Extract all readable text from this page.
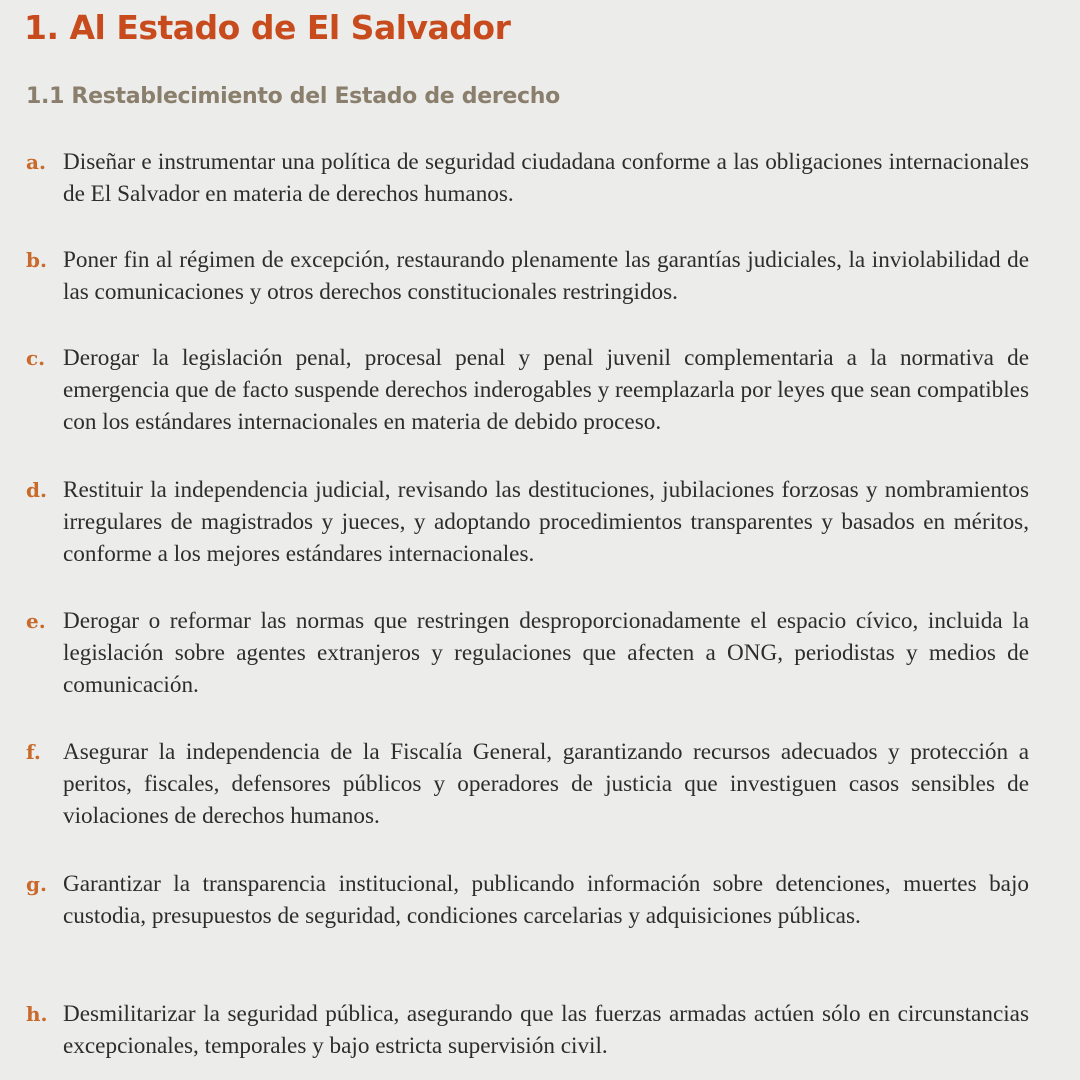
1. Al Estado de El Salvador
1.1 Restablecimiento del Estado de derecho
a. Diseñar e instrumentar una política de seguridad ciudadana conforme a las obligaciones internacionales de El Salvador en materia de derechos humanos.
b. Poner fin al régimen de excepción, restaurando plenamente las garantías judiciales, la inviolabilidad de las comunicaciones y otros derechos constitucionales restringidos.
c. Derogar la legislación penal, procesal penal y penal juvenil complementaria a la normativa de emergencia que de facto suspende derechos inderogables y reemplazarla por leyes que sean compatibles con los estándares internacionales en materia de debido proceso.
d. Restituir la independencia judicial, revisando las destituciones, jubilaciones forzosas y nombramientos irregulares de magistrados y jueces, y adoptando procedimientos transparentes y basados en méritos, conforme a los mejores estándares internacionales.
e. Derogar o reformar las normas que restringen desproporcionadamente el espacio cívico, incluida la legislación sobre agentes extranjeros y regulaciones que afecten a ONG, periodistas y medios de comunicación.
f. Asegurar la independencia de la Fiscalía General, garantizando recursos adecuados y protección a peritos, fiscales, defensores públicos y operadores de justicia que investiguen casos sensibles de violaciones de derechos humanos.
g. Garantizar la transparencia institucional, publicando información sobre detenciones, muertes bajo custodia, presupuestos de seguridad, condiciones carcelarias y adquisiciones públicas.
h. Desmilitarizar la seguridad pública, asegurando que las fuerzas armadas actúen sólo en circunstancias excepcionales, temporales y bajo estricta supervisión civil.
